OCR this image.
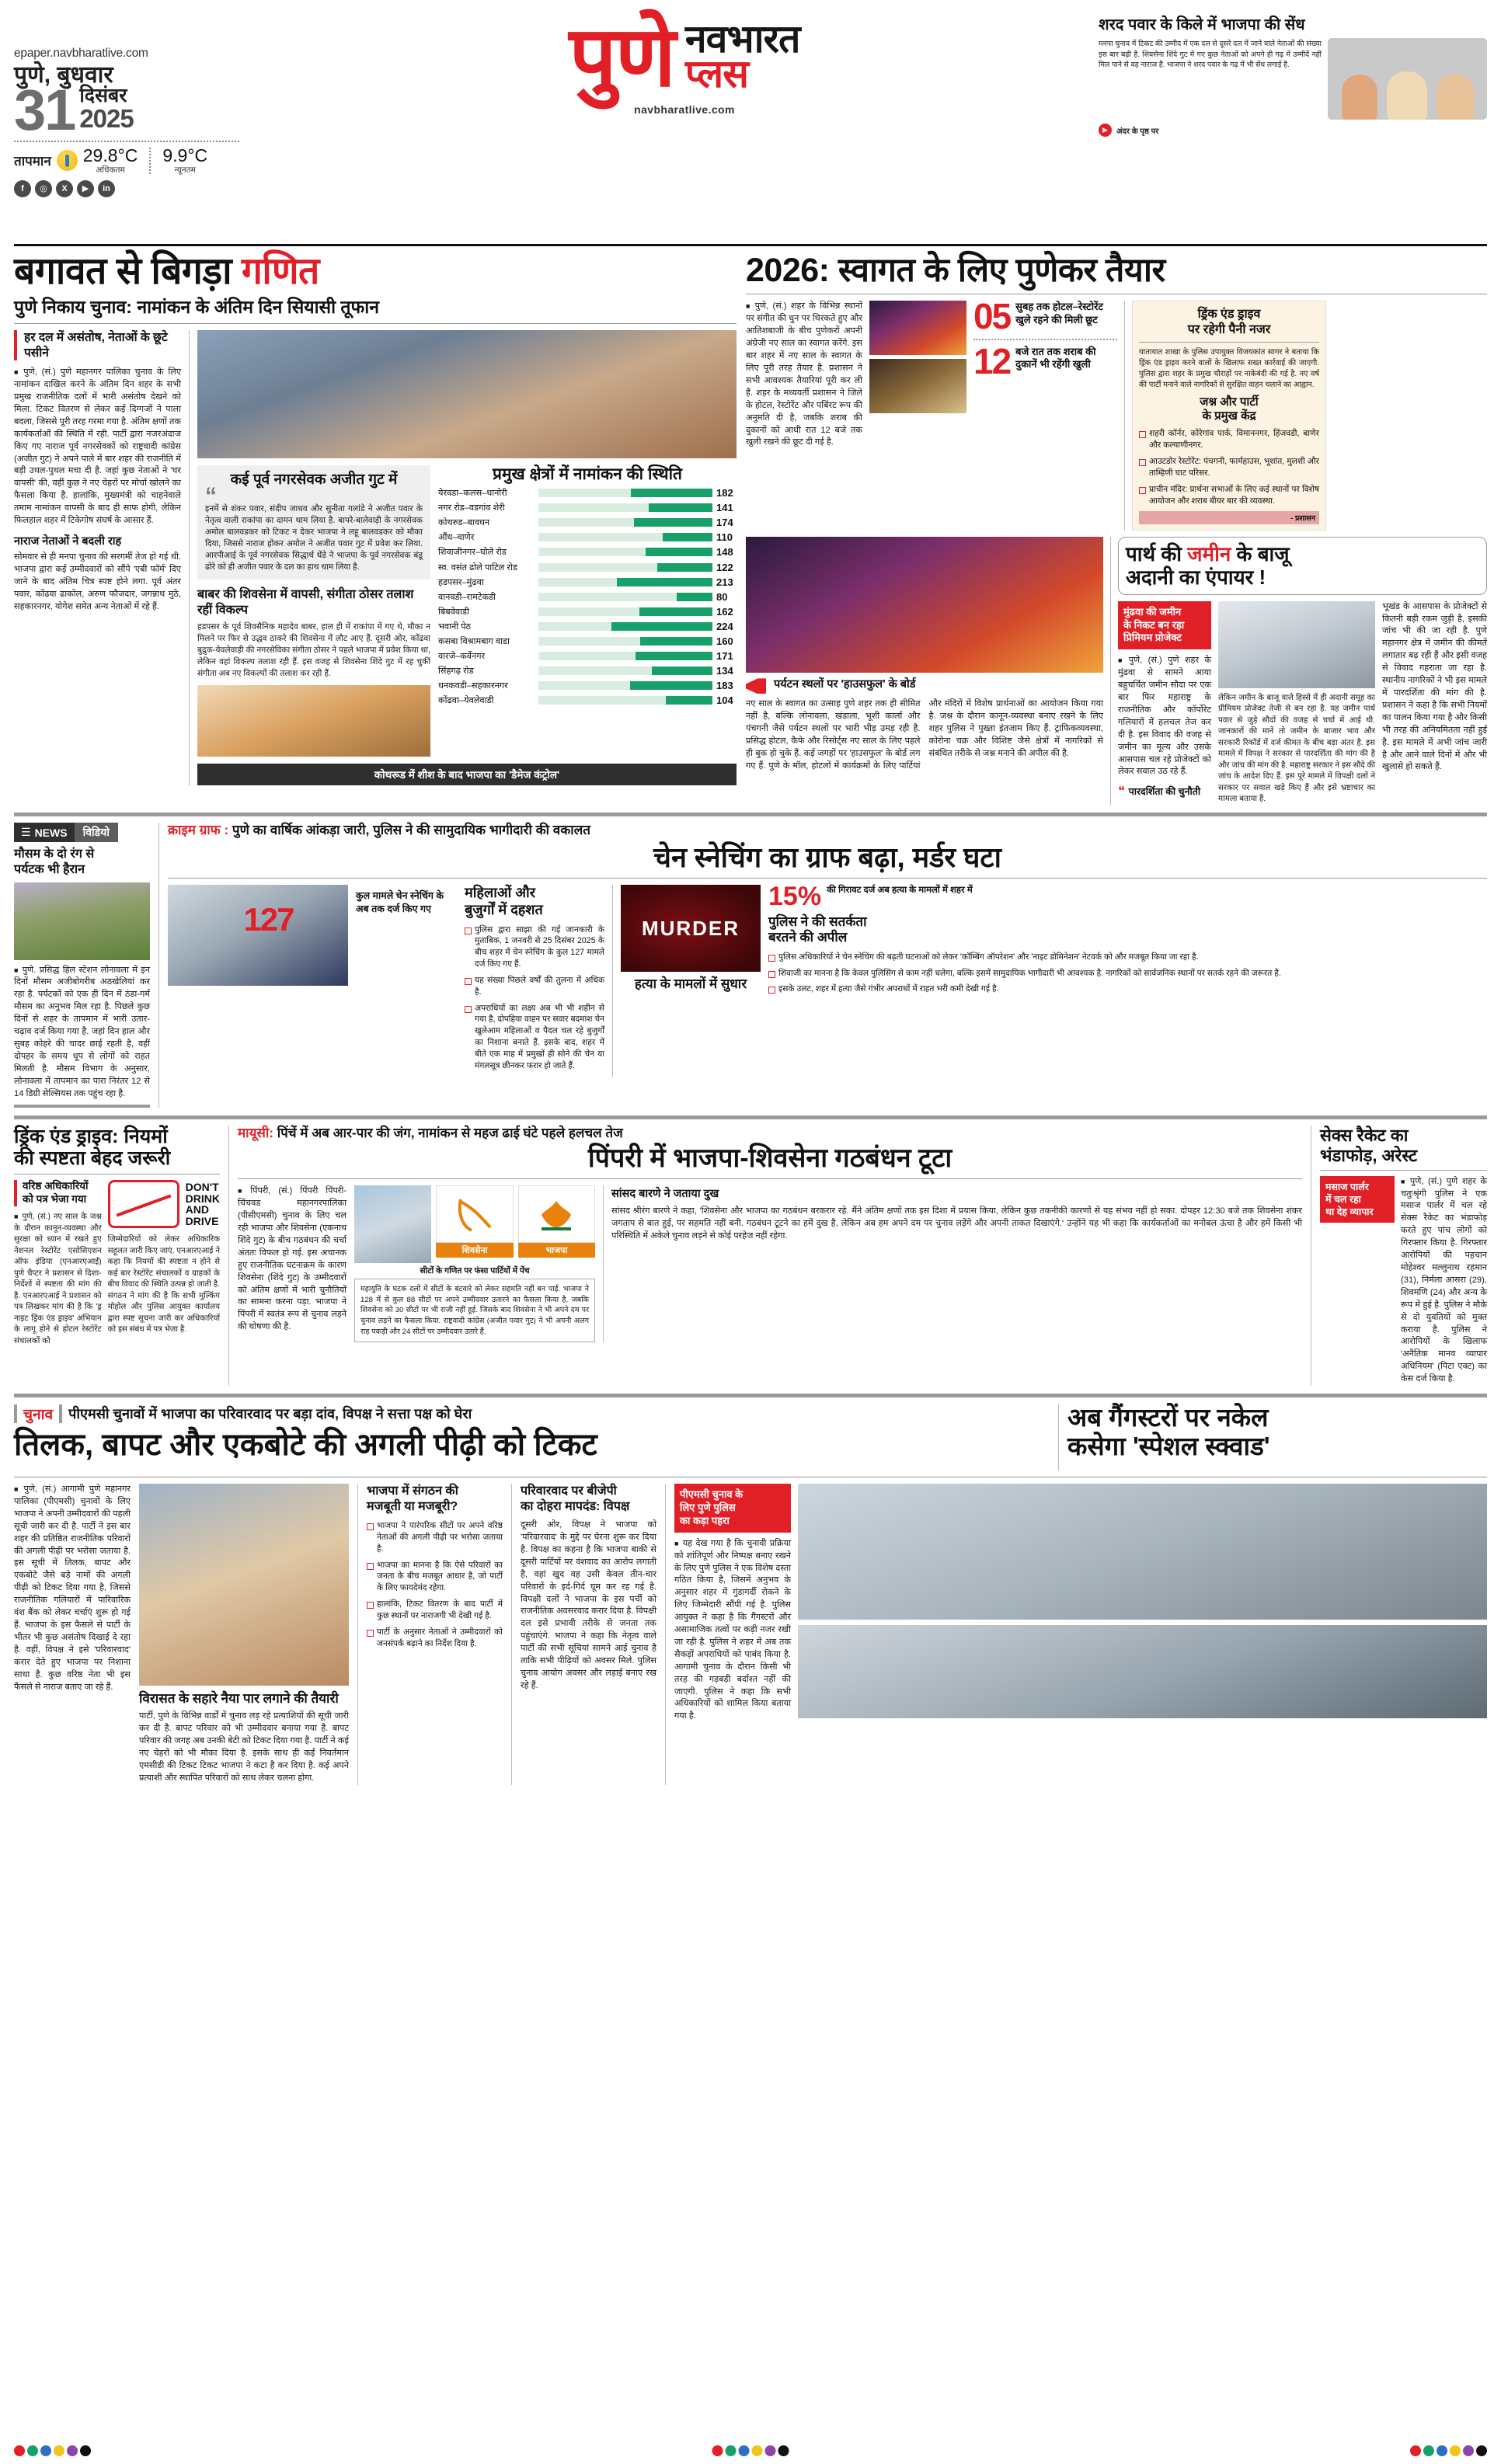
epaper.navbharatlive.com
पुणे, बुधवार
31 दिसंबर
2025
तापमान 29.8°C
अधिकतम
9.9°C
न्यूनतम
f	◎	X	▶	in
पुणे नवभारत
प्लस
navbharatlive.com
शरद पवार के किले में भाजपा की सेंध
मनपा चुनाव में टिकट की उम्मीद में एक दल से दूसरे दल में जाने वाले नेताओं की संख्या इस बार बढ़ी है. शिवसेना शिंदे गुट में गए कुछ नेताओं को अपने ही गढ़ में उम्मीदें नहीं मिल पाने से वह नाराज हैं. भाजपा ने शरद पवार के गढ़ में भी सेंध लगाई है.
▶	अंदर के पृष्ठ पर
बगावत से बिगड़ा गणित
पुणे निकाय चुनाव: नामांकन के अंतिम दिन सियासी तूफान
हर दल में असंतोष, नेताओं के छूटे पसीने
■ पुणे, (सं.) पुणे महानगर पालिका चुनाव के लिए नामांकन दाखिल करने के अंतिम दिन शहर के सभी प्रमुख राजनीतिक दलों में भारी असंतोष देखने को मिला. टिकट वितरण से लेकर कई दिग्गजों ने पाला बदला, जिससे पूरी तरह गरमा गया है. अंतिम क्षणों तक कार्यकर्ताओं की स्थिति में रही. पार्टी द्वारा नजरअंदाज किए गए नाराज पूर्व नगरसेवकों को राष्ट्रवादी कांग्रेस (अजीत गुट) ने अपने पाले में बार शहर की राजनीति में बड़ी उथल-पुथल मचा दी है. जहां कुछ नेताओं ने 'घर वापसी' की, वहीं कुछ ने नए चेहरों पर मोर्चा खोलने का फैसला किया है. हालांकि, मुख्यमंत्री को चाहनेवाले तमाम नामांकन वापसी के बाद ही साफ होगी, लेकिन फिलहाल शहर में टिकेगोष संघर्ष के आसार हैं.
नाराज नेताओं ने बदली राह
सोमवार से ही मनपा चुनाव की सरगर्मी तेज हो गई थी. भाजपा द्वारा कई उम्मीदवारों को सौंपे 'एबी फॉर्म' दिए जाने के बाद अंतिम चित्र स्पष्ट होने लगा. पूर्व अंतर पवार, कोंढवा ढाकोल, अरुण फौजदार, जगन्नाथ मुठे, सहकारनगर, योगेश समेत अन्य नेताओं में रहे हैं.
कई पूर्व नगरसेवक अजीत गुट में
“
इनमें से शंकर पवार, संदीप जाधव और सुनीता गलांडे ने अजीत पवार के नेतृत्व वाली राकांपा का दामन थाम लिया है. बापरे-बालेवाड़ी के नगरसेवक अमोल बालवडकर को टिकट न देकर भाजपा ने लहू बालवडकर को मौका दिया, जिससे नाराज होकर अमोल ने अजीत पवार गुट में प्रवेश कर लिया. आरपीआई के पूर्व नगरसेवक सिद्धार्थ धेंडे ने भाजपा के पूर्व नगरसेवक बंडू ढोरे को ही अजीत पवार के दल का हाथ थाम लिया है.
बाबर की शिवसेना में वापसी, संगीता ठोसर तलाश रहीं विकल्प
हडपसर के पूर्व शिवसैनिक महादेव बाबर, हाल ही में राकांपा में गए थे, मौका न मिलने पर फिर से उद्धव ठाकरे की शिवसेना में लौट आए हैं. दूसरी ओर, कोंढवा बुद्रुक-येवलेवाड़ी की नगरसेविका संगीता ठोसर ने पहले भाजपा में प्रवेश किया था, लेकिन वहां विकल्प तलाश रही हैं. इस वजह से शिवसेना शिंदे गुट में रह चुकीं संगीता अब नए विकल्पों की तलाश कर रही हैं.
प्रमुख क्षेत्रों में नामांकन की स्थिति
येरवडा–कलस–धानोरी	182
नगर रोड–वडगांव शेरी	141
कोथरुड–बावधन	174
औंध–वाणेर	110
शिवाजीनगर–घोले रोड	148
स्व. वसंत ढोले पाटिल रोड	122
हडपसर–मुंढवा	213
वानवडी–रामटेकडी	80
बिबवेवाडी	162
भवानी पेठ	224
कसबा विश्रामबाग वाडा	160
वारजे–कर्वेनगर	171
सिंहगढ़ रोड	134
धनकवडी–सहकारनगर	183
कोंढवा–येवलेवाडी	104
कोथरूड में शीश के बाद भाजपा का 'डैमेज कंट्रोल'
2026: स्वागत के लिए पुणेकर तैयार
■ पुणे, (सं.) शहर के विभिन्न स्थानों पर संगीत की धुन पर थिरकते हुए और आतिशबाजी के बीच पुणेकरों अपनी अंग्रेजी नए साल का स्वागत करेंगे. इस बार शहर में नए साल के स्वागत के लिए पूरी तरह तैयार है. प्रशासन ने सभी आवश्यक तैयारियां पूरी कर ली हैं. शहर के मध्यवर्ती प्रशासन ने जिले के होटल, रेस्टोरेंट और पबिंरट रूप की अनुमति दी है, जबकि शराब की दुकानों को आधी रात 12 बजे तक खुली रखने की छूट दी गई है.
05 सुबह तक होटल–रेस्टोरेंट खुले रहने की मिली छूट
12 बजे रात तक शराब की दुकानें भी रहेंगी खुली
ड्रिंक एंड ड्राइव
पर रहेगी पैनी नजर
यातायात शाखा के पुलिस उपायुक्त विजयकांत सागर ने बताया कि ड्रिंक एंड ड्राइव करने वालों के खिलाफ सख्त कार्रवाई की जाएगी. पुलिस द्वारा शहर के प्रमुख चौराहों पर नाकेबंदी की गई है. नए वर्ष की पार्टी मनाने वाले नागरिकों से सुरक्षित वाहन चलाने का आह्वान.
जश्न और पार्टी
के प्रमुख केंद्र
शहरी कॉर्नर, कोरेगांव पार्क, विमाननगर, हिंजवडी, बाणेर और कल्याणीनगर.
आउटडोर रेस्टोरेंट: पंचगनी, फार्महाउस, भूशांत, मुलशी और ताम्हिणी घाट परिसर.
प्राचीन मंदिर: प्रार्थना सभाओं के लिए कई स्थानों पर विशेष आयोजन और शराब बीयर बार की व्यवस्था.
- प्रशासन
पर्यटन स्थलों पर 'हाउसफुल' के बोर्ड
नए साल के स्वागत का उत्साह पुणे शहर तक ही सीमित नहीं है, बल्कि लोनावला, खंडाला, भूशी कार्ला और पंचगनी जैसे पर्यटन स्थलों पर भारी भीड़ उमड़ रही है. प्रसिद्ध होटल, कैफे और रिसोर्ट्स नए साल के लिए पहले ही बुक हो चुके हैं. कई जगहों पर 'हाउसफुल' के बोर्ड लग गए हैं. पुणे के मॉल, होटलों में कार्यक्रमों के लिए पार्टियां और मंदिरों में विशेष प्रार्थनाओं का आयोजन किया गया है. जश्न के दौरान कानून-व्यवस्था बनाए रखने के लिए शहर पुलिस ने पुख्ता इंतजाम किए हैं. ट्राफिकव्यवस्था, कोरोना चक्र और विशिष्ट जैसे क्षेत्रों में नागरिकों से संबंधित तरीके से जश्न मनाने की अपील की है.
पार्थ की जमीन के बाजू
अदानी का एंपायर !
मुंढवा की जमीन
के निकट बन रहा
प्रिमियम प्रोजेक्ट
■ पुणे, (सं.) पुणे शहर के मुंढवा से सामने आया बहुचर्चित जमीन सौदा पर एक बार फिर महाराष्ट्र के राजनीतिक और कॉर्पोरेट गलियारों में हलचल तेज कर दी है. इस विवाद की वजह से जमीन का मूल्य और उसके आसपास चल रहे प्रोजेक्टों को लेकर सवाल उठ रहे हैं.
❝ पारदर्शिता की चुनौती
लेकिन जमीन के बाजू वाले हिस्से में ही अदानी समूह का प्रीमियम प्रोजेक्ट तेजी से बन रहा है. यह जमीन पार्थ पवार से जुड़े सौदों की वजह से चर्चा में आई थी. जानकारों की मानें तो जमीन के बाजार भाव और सरकारी रिकॉर्ड में दर्ज कीमत के बीच बड़ा अंतर है. इस मामले में विपक्ष ने सरकार से पारदर्शिता की मांग की है और जांच की मांग की है. महाराष्ट्र सरकार ने इस सौदे की जांच के आदेश दिए हैं. इस पूरे मामले में विपक्षी दलों ने सरकार पर सवाल खड़े किए हैं और इसे भ्रष्टाचार का मामला बताया है.
भूखंड के आसपास के प्रोजेक्टों से कितनी बड़ी रकम जुड़ी है, इसकी जांच भी की जा रही है. पुणे महानगर क्षेत्र में जमीन की कीमतें लगातार बढ़ रही हैं और इसी वजह से विवाद गहराता जा रहा है. स्थानीय नागरिकों ने भी इस मामले में पारदर्शिता की मांग की है. प्रशासन ने कहा है कि सभी नियमों का पालन किया गया है और किसी भी तरह की अनियमितता नहीं हुई है. इस मामले में अभी जांच जारी है और आने वाले दिनों में और भी खुलासे हो सकते हैं.
☰ NEWS	विडियो
मौसम के दो रंग से
पर्यटक भी हैरान
■ पुणे. प्रसिद्ध हिल स्टेशन लोनावला में इन दिनों मौसम अजीबोगरीब अठखेलियां कर रहा है. पर्यटकों को एक ही दिन में ठंडा-गर्म मौसम का अनुभव मिल रहा है. पिछले कुछ दिनों से शहर के तापमान में भारी उतार-चढ़ाव दर्ज किया गया है. जहां दिन हाल और सुबह कोहरे की चादर छाई रहती है, वहीं दोपहर के समय धूप से लोगों को राहत मिलती है. मौसम विभाग के अनुसार, लोनावला में तापमान का पारा निरंतर 12 से 14 डिग्री सेल्सियस तक पहुंच रहा है.
क्राइम ग्राफ : पुणे का वार्षिक आंकड़ा जारी, पुलिस ने की सामुदायिक भागीदारी की वकालत
चेन स्नेचिंग का ग्राफ बढ़ा, मर्डर घटा
127
कुल मामले चेन स्नेचिंग के अब तक दर्ज किए गए
महिलाओं और
बुजुर्गों में दहशत
पुलिस द्वारा साझा की गई जानकारी के मुताबिक, 1 जनवरी से 25 दिसंबर 2025 के बीच शहर में चेन स्नेचिंग के कुल 127 मामले दर्ज किए गए हैं.
यह संख्या पिछले वर्षों की तुलना में अधिक है.
अपराधियों का लक्ष्य अब भी भी शहीन से गया है, दोपहिया वाहन पर सवार बदमाश चेन खुलेआम महिलाओं व पैदल चल रहे बुजुर्गों का निशाना बनाते हैं. इसके बाद, शहर में बीते एक माह में प्रमुखों ही सोने की चेन या मंगलसूत्र छीनकर फरार हो जाते हैं.
MURDER
हत्या के मामलों में सुधार
15% की गिरावट दर्ज अब हत्या के मामलों में शहर में
पुलिस ने की सतर्कता
बरतने की अपील
पुलिस अधिकारियों ने चेन स्नेचिंग की बढ़ती घटनाओं को लेकर 'कॉम्बिंग ऑपरेशन' और 'नाइट डोमिनेशन' नेटवर्क को और मजबूत किया जा रहा है.
शिवाजी का मानना है कि केवल पुलिसिंग से काम नहीं चलेगा, बल्कि इसमें सामुदायिक भागीदारी भी आवश्यक है. नागरिकों को सार्वजनिक स्थानों पर सतर्क रहने की जरूरत है.
इसके उलट, शहर में हत्या जैसे गंभीर अपराधों में राहत भरी कमी देखी गई है.
ड्रिंक एंड ड्राइव: नियमों
की स्पष्टता बेहद जरूरी
वरिष्ठ अधिकारियों
को पत्र भेजा गया
■ पुणे, (सं.) नए साल के जश्न के दौरान कानून-व्यवस्था और सुरक्षा को ध्यान में रखते हुए नेशनल रेस्टोरेंट एसोसिएशन ऑफ इंडिया (एनआरएआई) पुणे चैप्टर ने प्रशासन से दिशा-निर्देशों में स्पष्टता की मांग की है. एनआरएआई ने प्रशासन को पत्र लिखकर मांग की है कि 'ड्र नाइट ड्रिंक एंड ड्राइव' अभियान के लागू होने से होटल रेस्टोरेंट संचालकों को
DON'T
DRINK
AND
DRIVE
जिम्मेदारियों को लेकर अधिकारिक सहूलत जारी किए जाएं. एनआरएआई ने कहा कि नियमों की स्पष्टता न होने से कई बार रेस्टोरेंट संचालकों व ग्राहकों के बीच विवाद की स्थिति उत्पन्न हो जाती है. संगठन ने मांग की है कि सभी मुल्किंग मोहोल और पुलिस आयुक्त कार्यालय द्वारा स्पष्ट सूचना जारी कर अधिकारियों को इस संबंध में पत्र भेजा है.
मायूसी: पिंचें में अब आर-पार की जंग, नामांकन से महज ढाई घंटे पहले हलचल तेज
पिंपरी में भाजपा-शिवसेना गठबंधन टूटा
■ पिंपरी, (सं.) पिंपरी पिंपरी-चिंचवड महानगरपालिका (पीसीएमसी) चुनाव के लिए चल रही भाजपा और शिवसेना (एकनाथ शिंदे गुट) के बीच गठबंधन की चर्चा अंततः विफल हो गई. इस अचानक हुए राजनीतिक घटनाक्रम के कारण शिवसेना (शिंदे गुट) के उम्मीदवारों को अंतिम क्षणों में भारी चुनौतियों का सामना करना पड़ा. भाजपा ने पिंपरी में स्वतंत्र रूप से चुनाव लड़ने की घोषणा की है.
शिवसेना	भाजपा
सीटों के गणित पर फंसा पार्टियों में पेंच
महायुति के घटक दलों में सीटों के बंटवारे को लेकर सहमति नहीं बन पाई. भाजपा ने 128 में से कुल 88 सीटों पर अपने उम्मीदवार उतारने का फैसला किया है, जबकि शिवसेना को 30 सीटों पर भी राजी नहीं हुई. जिसके बाद शिवसेना ने भी अपने दम पर चुनाव लड़ने का फैसला किया. राष्ट्रवादी कांग्रेस (अजीत पवार गुट) ने भी अपनी अलग राह पकड़ी और 24 सीटों पर उम्मीदवार उतारे हैं.
सांसद बारणे ने जताया दुख
सांसद श्रीरंग बारणे ने कहा, 'शिवसेना और भाजपा का गठबंधन बरकरार रहे. मैंने अंतिम क्षणों तक इस दिशा में प्रयास किया, लेकिन कुछ तकनीकी कारणों से यह संभव नहीं हो सका. दोपहर 12:30 बजे तक शिवसेना शंकर जगताप से बात हुई, पर सहमति नहीं बनी. गठबंधन टूटने का हमें दुख है, लेकिन अब हम अपने दम पर चुनाव लड़ेंगे और अपनी ताकत दिखाएंगे.' उन्होंने यह भी कहा कि कार्यकर्ताओं का मनोबल ऊंचा है और हमें किसी भी परिस्थिति में अकेले चुनाव लड़ने से कोई परहेज नहीं रहेगा.
सेक्स रैकेट का
भंडाफोड़, अरेस्ट
मसाज पार्लर
में चल रहा
था देह व्यापार
■ पुणे, (सं.) पुणे शहर के चतुःश्रृंगी पुलिस ने एक मसाज पार्लर में चल रहे सेक्स रैकेट का भंडाफोड़ करते हुए पांच लोगों को गिरफ्तार किया है. गिरफ्तार आरोपियों की पहचान मोहेश्वर मल्लुनाथ रहमान (31), निर्मला आसरा (29), शिवमणि (24) और अन्य के रूप में हुई है. पुलिस ने मौके से दो युवतियों को मुक्त कराया है. पुलिस ने आरोपियों के खिलाफ 'अनैतिक मानव व्यापार अधिनियम' (पिटा एक्ट) का केस दर्ज किया है.
चुनाव पीएमसी चुनावों में भाजपा का परिवारवाद पर बड़ा दांव, विपक्ष ने सत्ता पक्ष को घेरा
तिलक, बापट और एकबोटे की अगली पीढ़ी को टिकट
अब गैंगस्टरों पर नकेल
कसेगा 'स्पेशल स्क्वाड'
■ पुणे, (सं.) आगामी पुणे महानगर पालिका (पीएमसी) चुनावों के लिए भाजपा ने अपनी उम्मीदवारों की पहली सूची जारी कर दी है. पार्टी ने इस बार शहर की प्रतिष्ठित राजनीतिक परिवारों की अगली पीढ़ी पर भरोसा जताया है. इस सूची में तिलक, बापट और एकबोटे जैसे बड़े नामों की अगली पीढ़ी को टिकट दिया गया है, जिससे राजनीतिक गलियारों में पारिवारिक वंश बैंक को लेकर चर्चाएं शुरू हो गई हैं. भाजपा के इस फैसले से पार्टी के भीतर भी कुछ असंतोष दिखाई दे रहा है. वहीं, विपक्ष ने इसे 'परिवारवाद' करार देते हुए भाजपा पर निशाना साधा है. कुछ वरिष्ठ नेता भी इस फैसले से नाराज बताए जा रहे हैं.
विरासत के सहारे नैया पार लगाने की तैयारी
पार्टी, पुणे के विभिन्न वार्डों में चुनाव लड़ रहे प्रत्याशियों की सूची जारी कर दी है. बापट परिवार को भी उम्मीदवार बनाया गया है. बापट परिवार की जगह अब उनकी बेटी को टिकट दिया गया है. पार्टी ने कई नए चेहरों को भी मौका दिया है. इसके साथ ही कई निवर्तमान एमसीडी की टिकट टिकट भाजपा ने कटा है कर दिया है. कई अपने प्रत्याशी और स्थापित परिवारों को साथ लेकर चलना होगा.
भाजपा में संगठन की
मजबूती या मजबूरी?
भाजपा ने पारंपरिक सीटों पर अपने वरिष्ठ नेताओं की अगली पीढ़ी पर भरोसा जताया है.
भाजपा का मानना है कि ऐसे परिवारों का जनता के बीच मजबूत आधार है, जो पार्टी के लिए फायदेमंद रहेगा.
हालांकि, टिकट वितरण के बाद पार्टी में कुछ स्थानों पर नाराजगी भी देखी गई है.
पार्टी के अनुसार नेताओं ने उम्मीदवारों को जनसंपर्क बढ़ाने का निर्देश दिया है.
परिवारवाद पर बीजेपी
का दोहरा मापदंड: विपक्ष
दूसरी ओर, विपक्ष ने भाजपा को 'परिवारवाद' के मुद्दे पर घेरना शुरू कर दिया है. विपक्ष का कहना है कि भाजपा बाकी से दूसरी पार्टियों पर वंशवाद का आरोप लगाती है, वहां खुद वह उसी केवल तीन-चार परिवारों के इर्द-गिर्द घूम कर रह गई है. विपक्षी दलों ने भाजपा के इस पर्ची को राजनीतिक अवसरवाद करार दिया है. विपक्षी दल इसे प्रभावी तरीके से जनता तक पहुंचाएंगे. भाजपा ने कहा कि नेतृत्व वाले पार्टी की सभी सूचियां सामने आई चुनाव है ताकि सभी पीढ़ियों को अवसर मिले. पुलिस चुनाव आयोग अवसर और लड़ाई बनाए रख रहे हैं.
पीएमसी चुनाव के
लिए पुणे पुलिस
का कड़ा पहरा
■ यह देख गया है कि चुनावी प्रक्रिया को शांतिपूर्ण और निष्पक्ष बनाए रखने के लिए पुणे पुलिस ने एक विशेष दस्ता गठित किया है, जिसमें अनुभव के अनुसार शहर में गुंडागर्दी रोकने के लिए जिम्मेदारी सौंपी गई है. पुलिस आयुक्त ने कहा है कि गैंगस्टरों और असामाजिक तत्वों पर कड़ी नजर रखी जा रही है. पुलिस ने शहर में अब तक सैकड़ों अपराधियों को पाबंद किया है. आगामी चुनाव के दौरान किसी भी तरह की गड़बड़ी बर्दाश्त नहीं की जाएगी. पुलिस ने कहा कि सभी अधिकारियों को शामिल किया बताया गया है.
